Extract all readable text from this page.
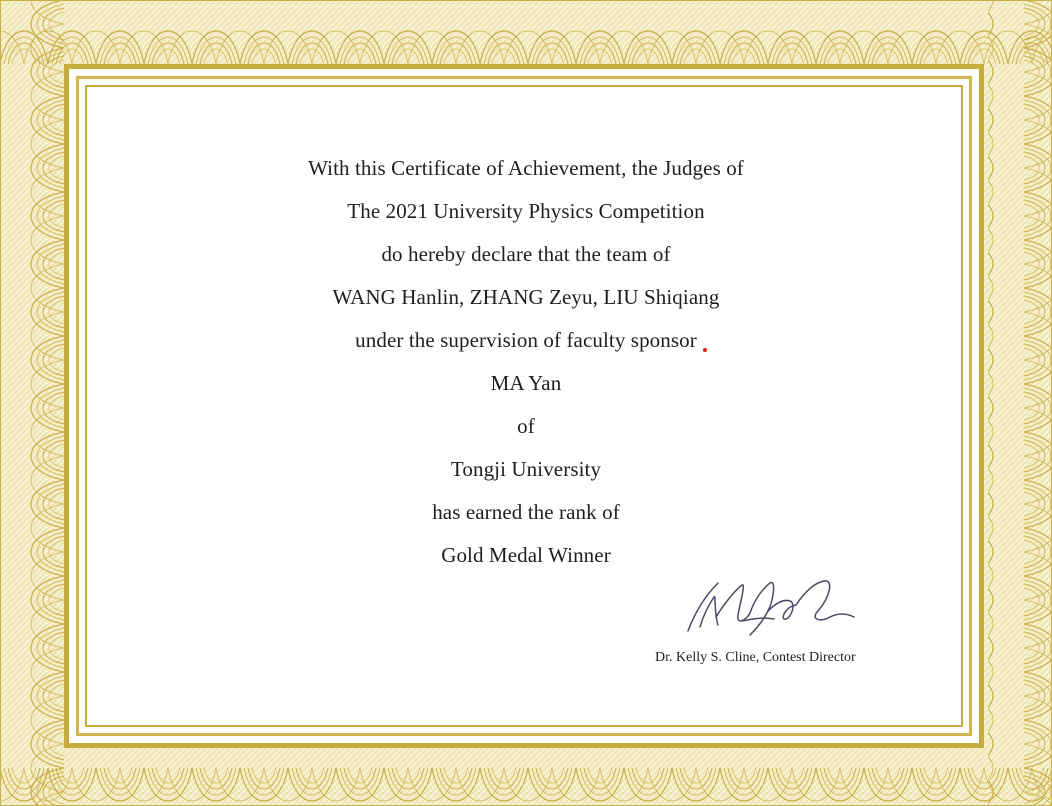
With this Certificate of Achievement, the Judges of
The 2021 University Physics Competition
do hereby declare that the team of
WANG Hanlin, ZHANG Zeyu, LIU Shiqiang
under the supervision of faculty sponsor
MA Yan
of
Tongji University
has earned the rank of
Gold Medal Winner
Dr. Kelly S. Cline, Contest Director
